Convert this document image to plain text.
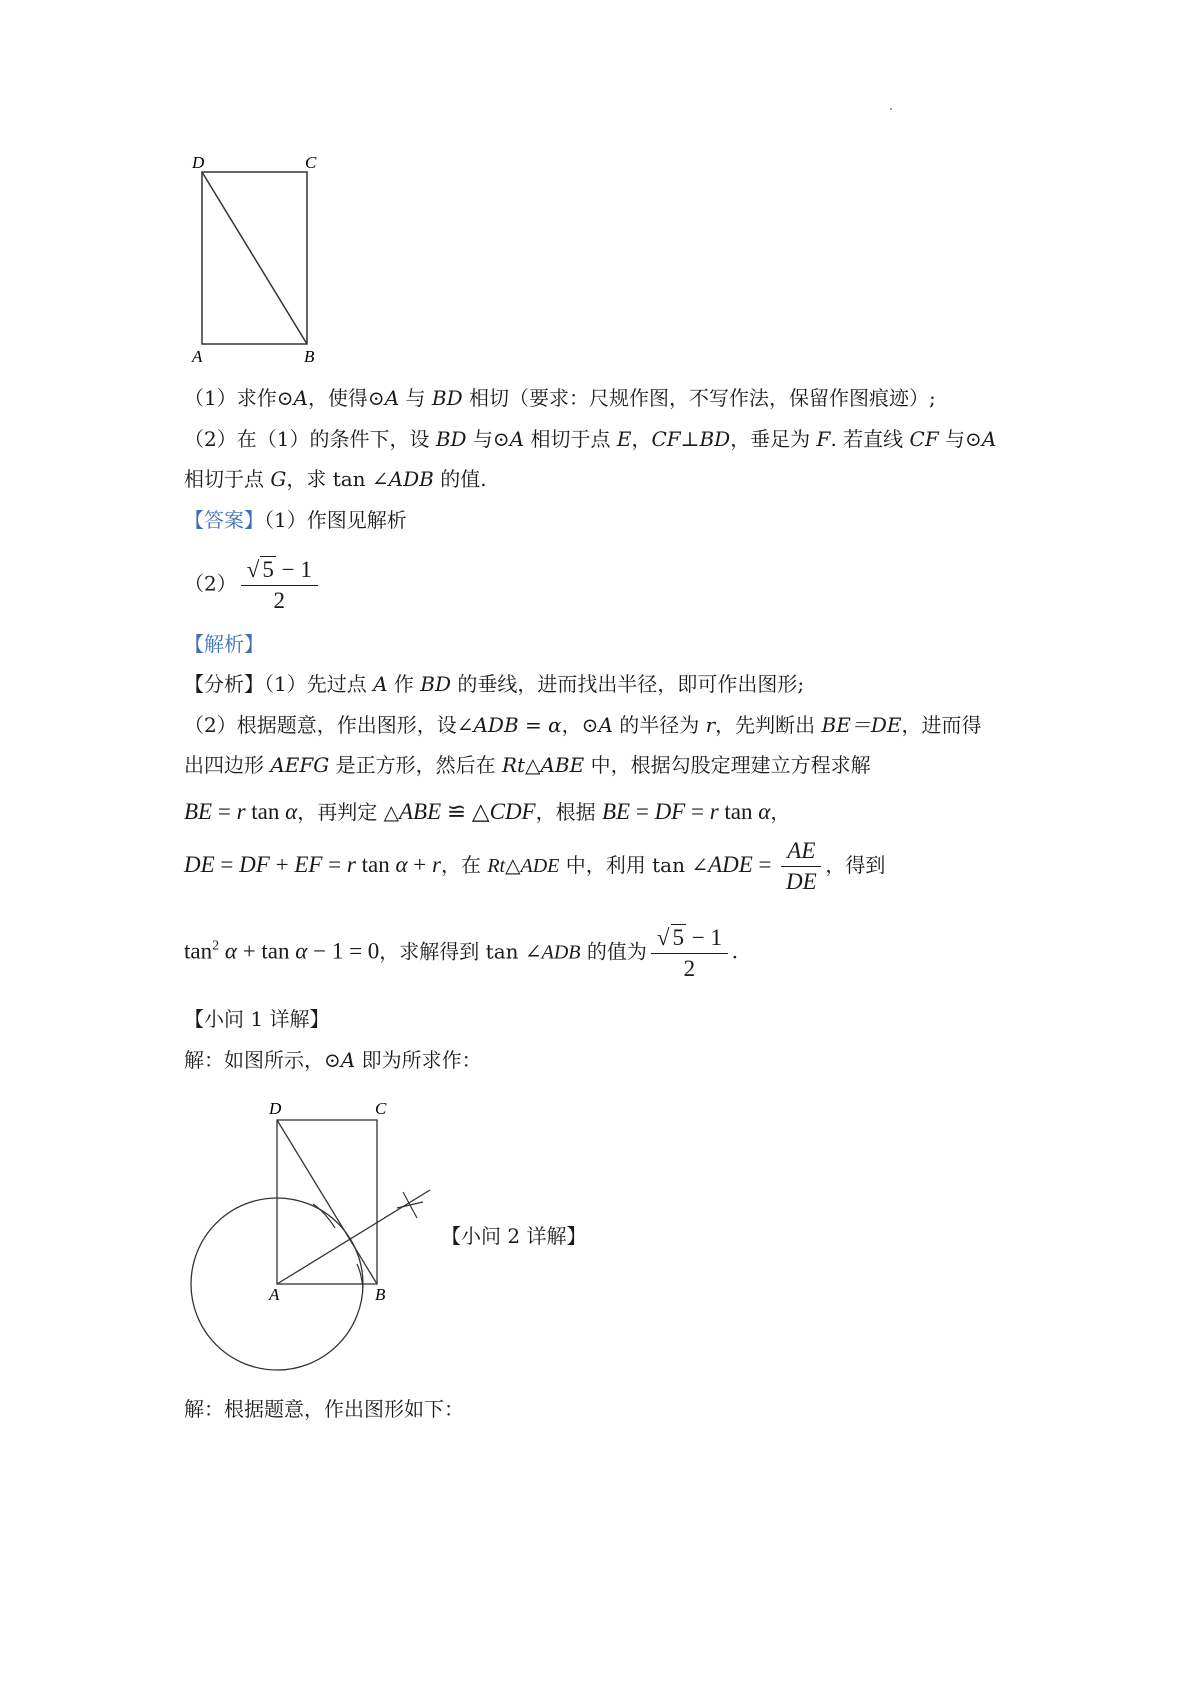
D	C
A	B
（1）求作⊙A，使得⊙A 与 BD 相切（要求：尺规作图，不写作法，保留作图痕迹）;
（2）在（1）的条件下，设 BD 与⊙A 相切于点 E，CF⊥BD，垂足为 F. 若直线 CF 与⊙A
相切于点 G，求 tan ∠ADB 的值.
【答案】（1）作图见解析
$(2) \frac{√ 5 - 1}{2}$
【解析】
【分析】（1）先过点 A 作 BD 的垂线，进而找出半径，即可作出图形;
（2）根据题意，作出图形，设∠ADB = α，⊙A 的半径为 r，先判断出 BE＝DE，进而得
出四边形 AEFG 是正方形，然后在 Rt△ABE 中，根据勾股定理建立方程求解
BE = r tan α，再判定 △ABE ≌ △CDF，根据 BE = DF = r tan α，
DE = DF + EF = r tan α + r，在 Rt△ADE 中，利用 tan ∠ADE = $\frac{AE}{DE}$ ，得到
$\tan^2 \alpha + \tan \alpha - 1 = 0$，求解得到 tan ∠ADB 的值为 $\frac{√ 5 - 1}{2}$ .
【小问 1 详解】
解：如图所示，⊙A 即为所求作：
D	C
A	B
【小问 2 详解】
解：根据题意，作出图形如下：
